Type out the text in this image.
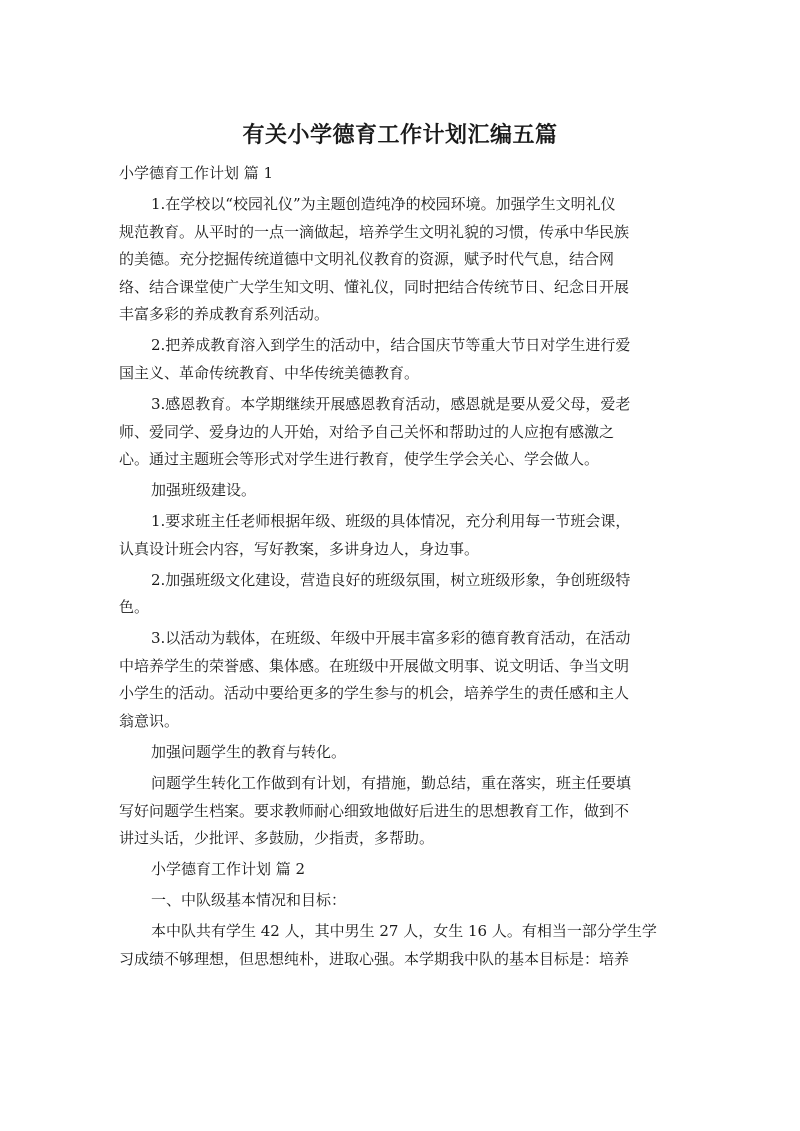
有关小学德育工作计划汇编五篇
小学德育工作计划 篇 1
1.在学校以“校园礼仪”为主题创造纯净的校园环境。加强学生文明礼仪
规范教育。从平时的一点一滴做起，培养学生文明礼貌的习惯，传承中华民族
的美德。充分挖掘传统道德中文明礼仪教育的资源，赋予时代气息，结合网
络、结合课堂使广大学生知文明、懂礼仪，同时把结合传统节日、纪念日开展
丰富多彩的养成教育系列活动。
2.把养成教育溶入到学生的活动中，结合国庆节等重大节日对学生进行爱
国主义、革命传统教育、中华传统美德教育。
3.感恩教育。本学期继续开展感恩教育活动，感恩就是要从爱父母，爱老
师、爱同学、爱身边的人开始，对给予自己关怀和帮助过的人应抱有感激之
心。通过主题班会等形式对学生进行教育，使学生学会关心、学会做人。
加强班级建设。
1.要求班主任老师根据年级、班级的具体情况，充分利用每一节班会课，
认真设计班会内容，写好教案，多讲身边人，身边事。
2.加强班级文化建设，营造良好的班级氛围，树立班级形象，争创班级特
色。
3.以活动为载体，在班级、年级中开展丰富多彩的德育教育活动，在活动
中培养学生的荣誉感、集体感。在班级中开展做文明事、说文明话、争当文明
小学生的活动。活动中要给更多的学生参与的机会，培养学生的责任感和主人
翁意识。
加强问题学生的教育与转化。
问题学生转化工作做到有计划，有措施，勤总结，重在落实，班主任要填
写好问题学生档案。要求教师耐心细致地做好后进生的思想教育工作，做到不
讲过头话，少批评、多鼓励，少指责，多帮助。
小学德育工作计划 篇 2
一、中队级基本情况和目标：
本中队共有学生 42 人，其中男生 27 人，女生 16 人。有相当一部分学生学
习成绩不够理想，但思想纯朴，进取心强。本学期我中队的基本目标是：培养
